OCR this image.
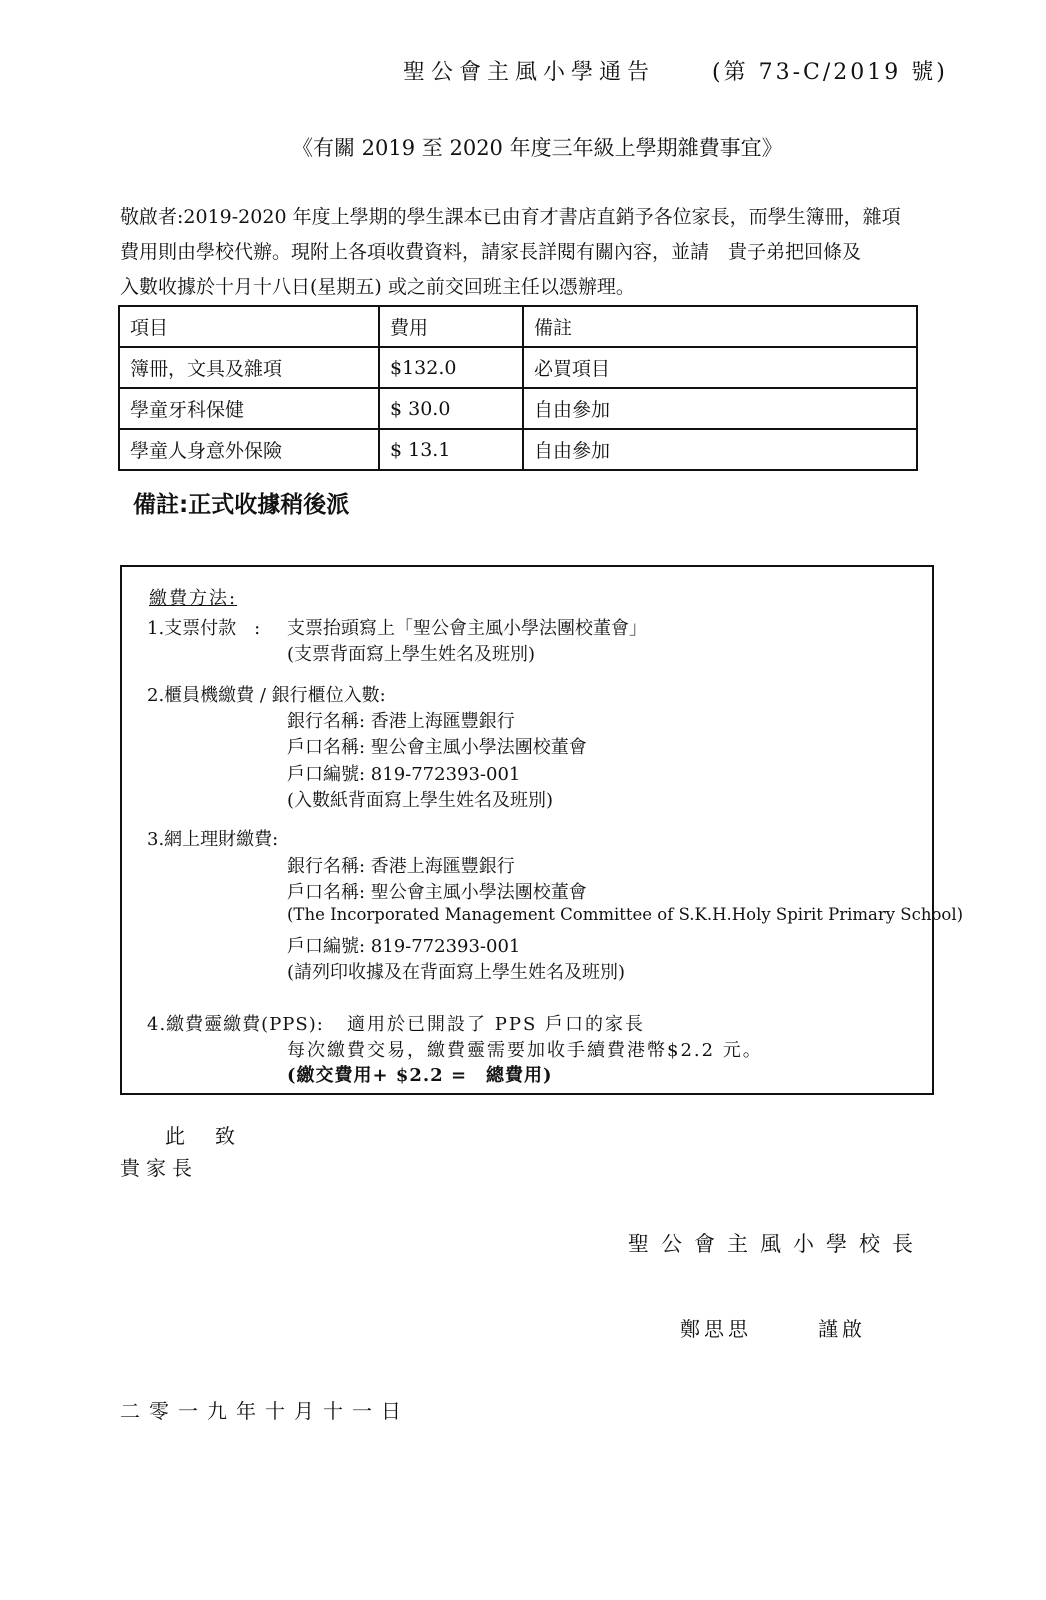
聖公會主風小學通告	(第 73-C/2019 號)
《有關 2019 至 2020 年度三年級上學期雜費事宜》
敬啟者:2019-2020 年度上學期的學生課本已由育才書店直銷予各位家長，而學生簿冊，雜項
費用則由學校代辦。現附上各項收費資料，請家長詳閱有關內容，並請　貴子弟把回條及
入數收據於十月十八日(星期五) 或之前交回班主任以憑辦理。
項目	費用	備註
簿冊，文具及雜項	$132.0	必買項目
學童牙科保健	$ 30.0	自由參加
學童人身意外保險	$ 13.1	自由參加
備註:正式收據稍後派
繳費方法:
1.支票付款　: 支票抬頭寫上「聖公會主風小學法團校董會」
(支票背面寫上學生姓名及班別)
2.櫃員機繳費 / 銀行櫃位入數:
銀行名稱: 香港上海匯豐銀行
戶口名稱: 聖公會主風小學法團校董會
戶口編號: 819-772393-001
(入數紙背面寫上學生姓名及班別)
3.網上理財繳費:
銀行名稱: 香港上海匯豐銀行
戶口名稱: 聖公會主風小學法團校董會
(The Incorporated Management Committee of S.K.H.Holy Spirit Primary School)
戶口編號: 819-772393-001
(請列印收據及在背面寫上學生姓名及班別)
4.繳費靈繳費(PPS): 適用於已開設了 PPS 戶口的家長
每次繳費交易，繳費靈需要加收手續費港幣$2.2 元。
(繳交費用+ $2.2 =　總費用)
此致
貴家長
聖公會主風小學校長
鄭思思	謹啟
二零一九年十月十一日
